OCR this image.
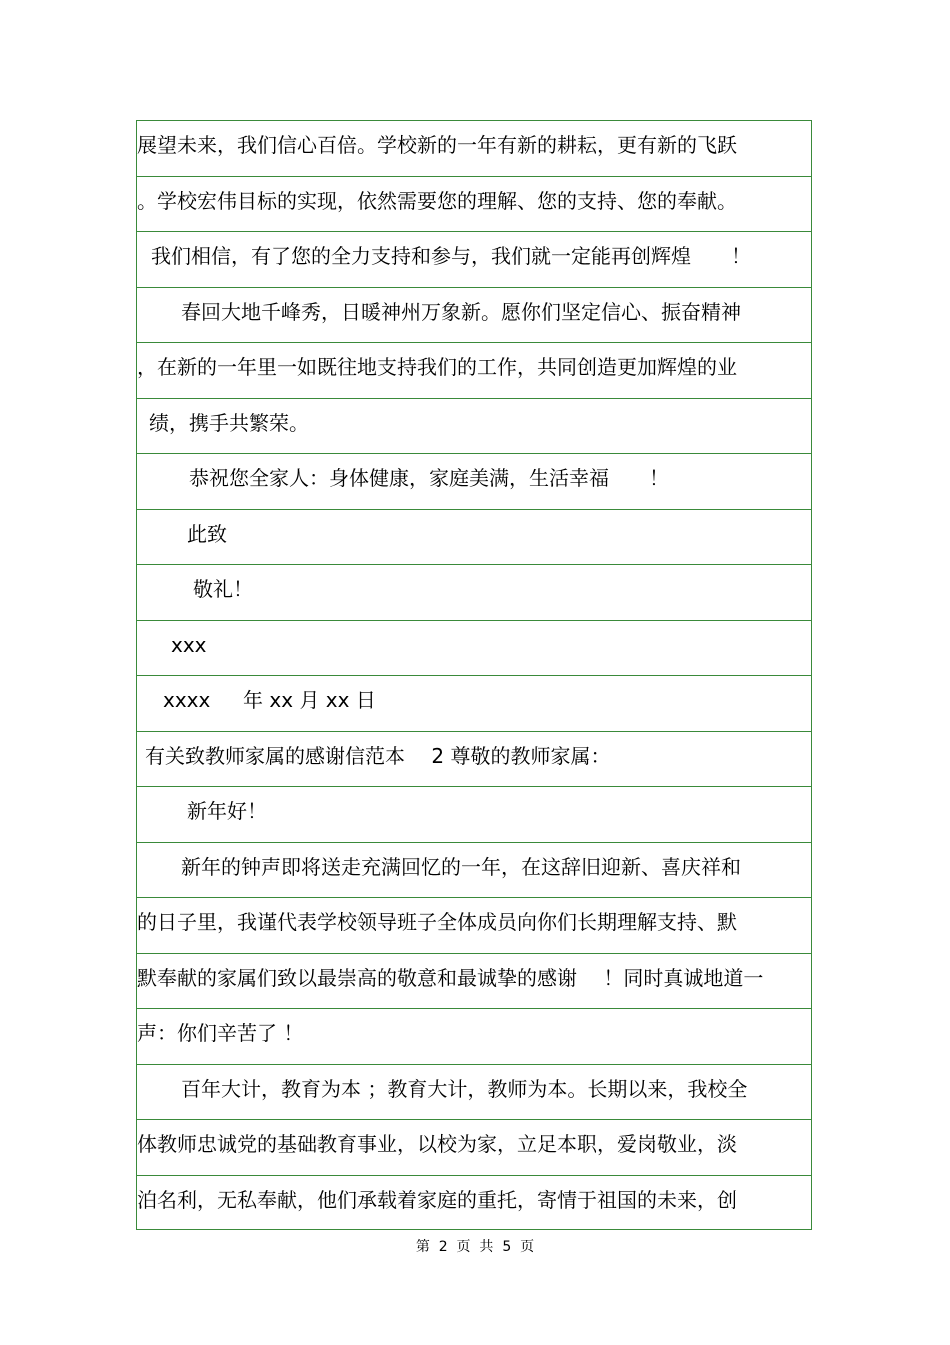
展望未来，我们信心百倍。学校新的一年有新的耕耘，更有新的飞跃
。学校宏伟目标的实现，依然需要您的理解、您的支持、您的奉献。
我们相信，有了您的全力支持和参与，我们就一定能再创辉煌　　！
春回大地千峰秀，日暖神州万象新。愿你们坚定信心、振奋精神
，在新的一年里一如既往地支持我们的工作，共同创造更加辉煌的业
绩，携手共繁荣。
恭祝您全家人：身体健康，家庭美满，生活幸福　　！
此致
敬礼！
xxx
xxxx　  年 xx 月 xx 日
有关致教师家属的感谢信范本　 2 尊敬的教师家属：
新年好！
新年的钟声即将送走充满回忆的一年，在这辞旧迎新、喜庆祥和
的日子里，我谨代表学校领导班子全体成员向你们长期理解支持、默
默奉献的家属们致以最崇高的敬意和最诚挚的感谢　 ！同时真诚地道一
声：你们辛苦了 ！
百年大计，教育为本 ；教育大计，教师为本。长期以来，我校全
体教师忠诚党的基础教育事业，以校为家，立足本职，爱岗敬业，淡
泊名利，无私奉献，他们承载着家庭的重托，寄情于祖国的未来，创
第  2  页  共  5  页
